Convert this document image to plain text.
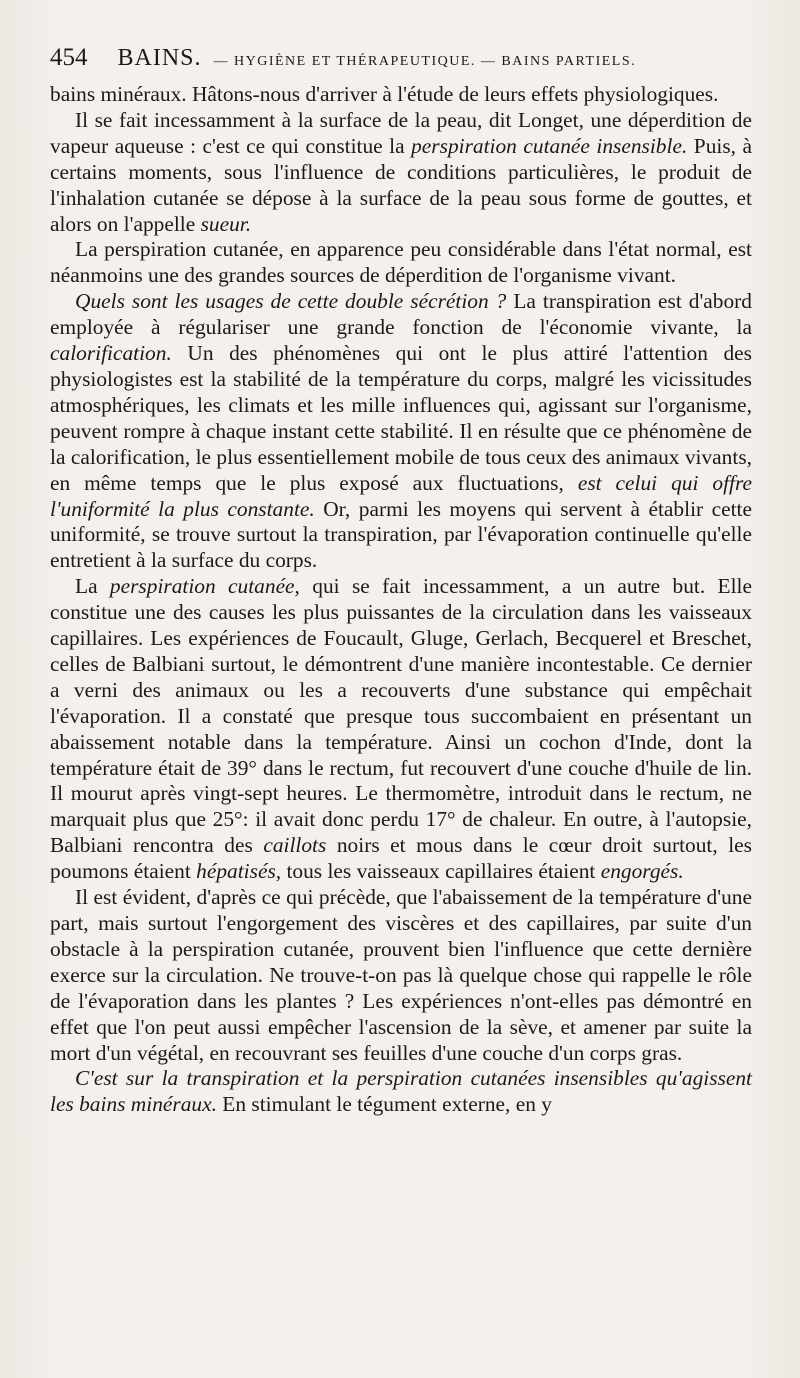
454 BAINS. — HYGIÈNE ET THÉRAPEUTIQUE. — BAINS PARTIELS.

bains minéraux. Hâtons-nous d'arriver à l'étude de leurs effets physiologiques.

Il se fait incessamment à la surface de la peau, dit Longet, une déperdition de vapeur aqueuse : c'est ce qui constitue la perspiration cutanée insensible. Puis, à certains moments, sous l'influence de conditions particulières, le produit de l'inhalation cutanée se dépose à la surface de la peau sous forme de gouttes, et alors on l'appelle sueur.

La perspiration cutanée, en apparence peu considérable dans l'état normal, est néanmoins une des grandes sources de déperdition de l'organisme vivant.

Quels sont les usages de cette double sécrétion ? La transpiration est d'abord employée à régulariser une grande fonction de l'économie vivante, la calorification. Un des phénomènes qui ont le plus attiré l'attention des physiologistes est la stabilité de la température du corps, malgré les vicissitudes atmosphériques, les climats et les mille influences qui, agissant sur l'organisme, peuvent rompre à chaque instant cette stabilité. Il en résulte que ce phénomène de la calorification, le plus essentiellement mobile de tous ceux des animaux vivants, en même temps que le plus exposé aux fluctuations, est celui qui offre l'uniformité la plus constante. Or, parmi les moyens qui servent à établir cette uniformité, se trouve surtout la transpiration, par l'évaporation continuelle qu'elle entretient à la surface du corps.

La perspiration cutanée, qui se fait incessamment, a un autre but. Elle constitue une des causes les plus puissantes de la circulation dans les vaisseaux capillaires. Les expériences de Foucault, Gluge, Gerlach, Becquerel et Breschet, celles de Balbiani surtout, le démontrent d'une manière incontestable. Ce dernier a verni des animaux ou les a recouverts d'une substance qui empêchait l'évaporation. Il a constaté que presque tous succombaient en présentant un abaissement notable dans la température. Ainsi un cochon d'Inde, dont la température était de 39° dans le rectum, fut recouvert d'une couche d'huile de lin. Il mourut après vingt-sept heures. Le thermomètre, introduit dans le rectum, ne marquait plus que 25°: il avait donc perdu 17° de chaleur. En outre, à l'autopsie, Balbiani rencontra des caillots noirs et mous dans le cœur droit surtout, les poumons étaient hépatisés, tous les vaisseaux capillaires étaient engorgés.

Il est évident, d'après ce qui précède, que l'abaissement de la température d'une part, mais surtout l'engorgement des viscères et des capillaires, par suite d'un obstacle à la perspiration cutanée, prouvent bien l'influence que cette dernière exerce sur la circulation. Ne trouve-t-on pas là quelque chose qui rappelle le rôle de l'évaporation dans les plantes ? Les expériences n'ont-elles pas démontré en effet que l'on peut aussi empêcher l'ascension de la sève, et amener par suite la mort d'un végétal, en recouvrant ses feuilles d'une couche d'un corps gras.

C'est sur la transpiration et la perspiration cutanées insensibles qu'agissent les bains minéraux. En stimulant le tégument externe, en y
